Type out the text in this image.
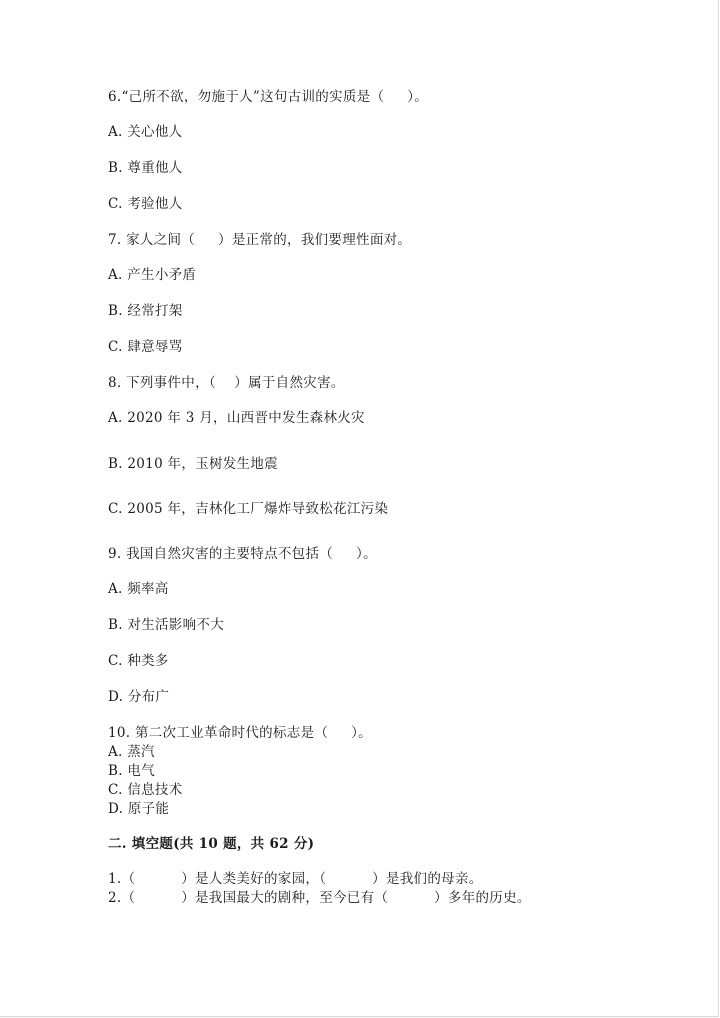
6.“己所不欲，勿施于人”这句古训的实质是（     ）。
A. 关心他人
B. 尊重他人
C. 考验他人
7. 家人之间（     ）是正常的，我们要理性面对。
A. 产生小矛盾
B. 经常打架
C. 肆意辱骂
8. 下列事件中，（    ）属于自然灾害。
A. 2020 年 3 月，山西晋中发生森林火灾
B. 2010 年，玉树发生地震
C. 2005 年，吉林化工厂爆炸导致松花江污染
9. 我国自然灾害的主要特点不包括（     ）。
A. 频率高
B. 对生活影响不大
C. 种类多
D. 分布广
10. 第二次工业革命时代的标志是（     ）。
A. 蒸汽
B. 电气
C. 信息技术
D. 原子能
二. 填空题(共 10 题，共 62 分)
1.（          ）是人类美好的家园，（          ）是我们的母亲。
2.（          ）是我国最大的剧种，至今已有（          ）多年的历史。
